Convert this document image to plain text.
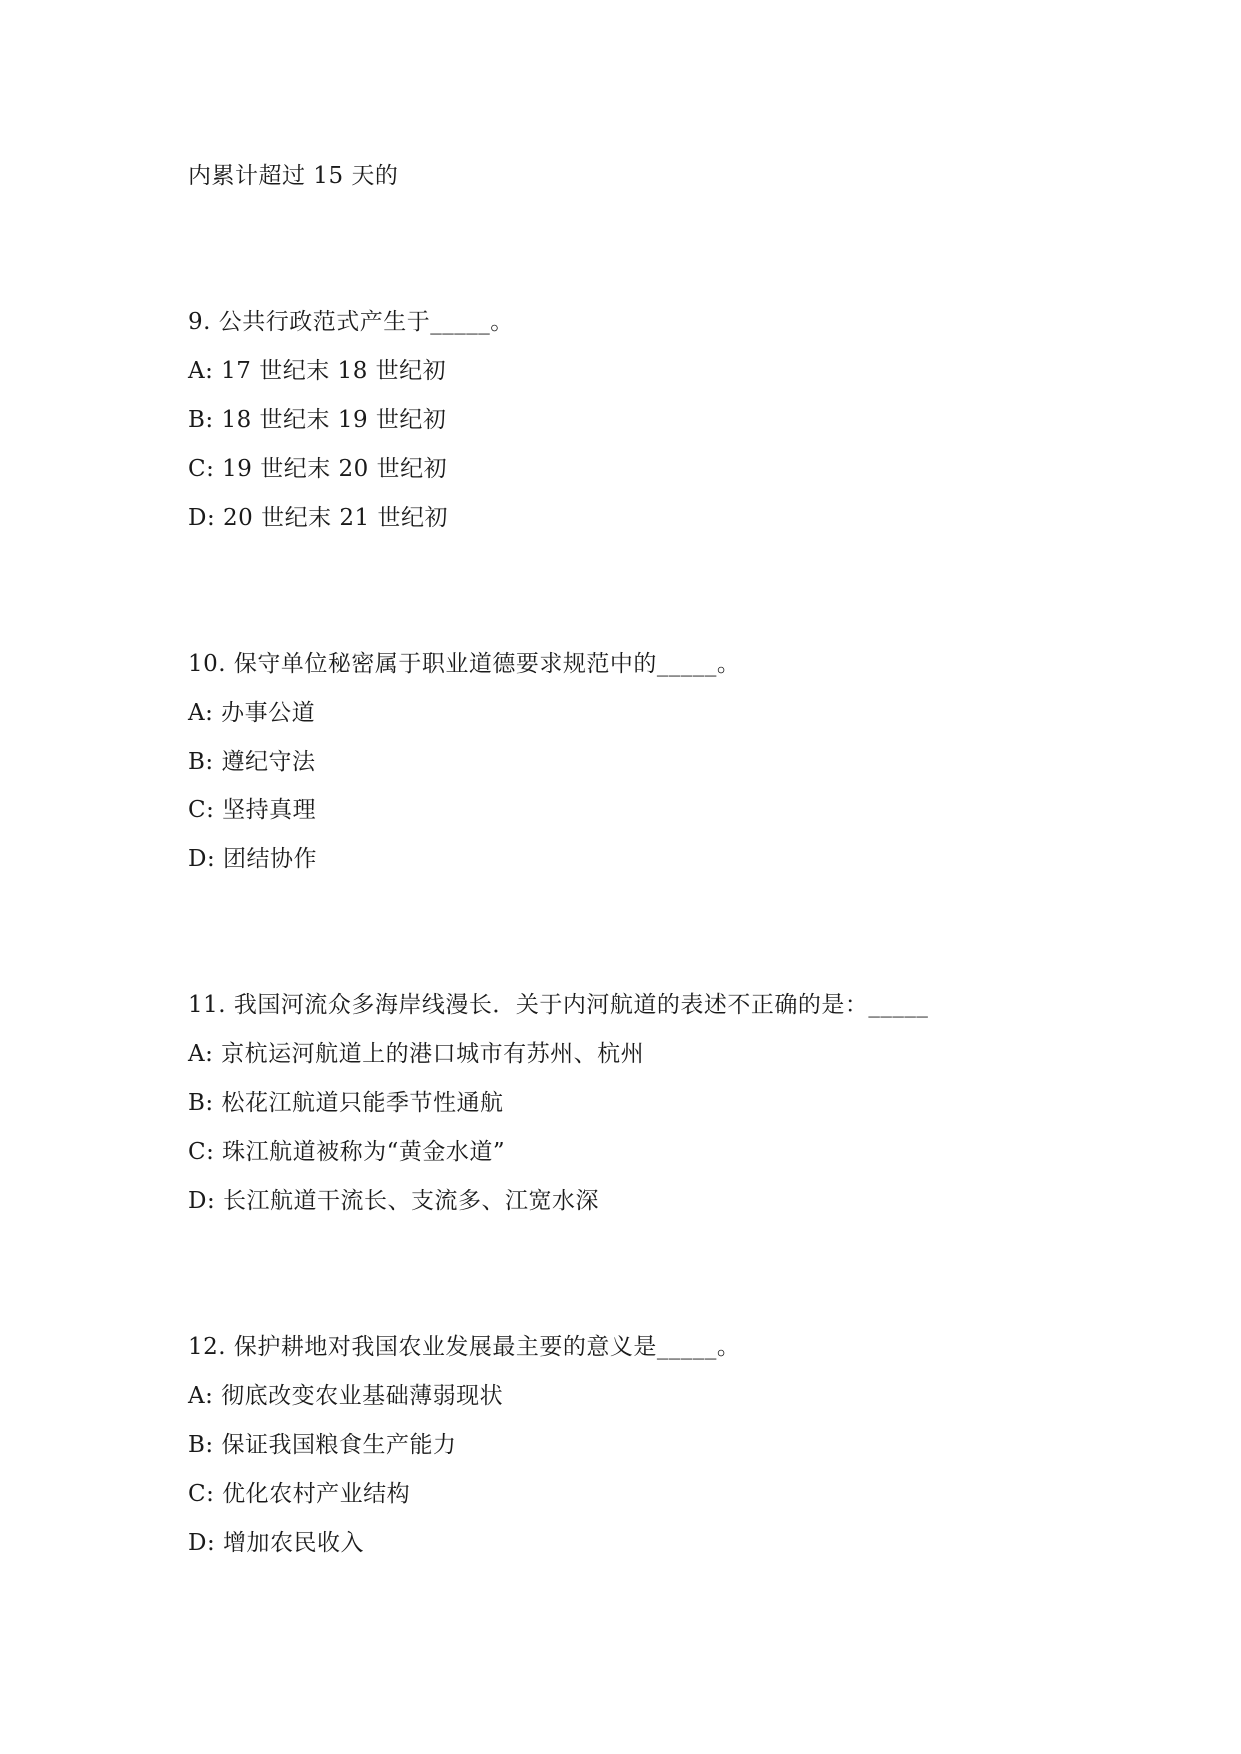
内累计超过 15 天的
9. 公共行政范式产生于_____。
A: 17 世纪末 18 世纪初
B: 18 世纪末 19 世纪初
C: 19 世纪末 20 世纪初
D: 20 世纪末 21 世纪初
10. 保守单位秘密属于职业道德要求规范中的_____。
A: 办事公道
B: 遵纪守法
C: 坚持真理
D: 团结协作
11. 我国河流众多海岸线漫长．关于内河航道的表述不正确的是：_____
A: 京杭运河航道上的港口城市有苏州、杭州
B: 松花江航道只能季节性通航
C: 珠江航道被称为“黄金水道”
D: 长江航道干流长、支流多、江宽水深
12. 保护耕地对我国农业发展最主要的意义是_____。
A: 彻底改变农业基础薄弱现状
B: 保证我国粮食生产能力
C: 优化农村产业结构
D: 增加农民收入
